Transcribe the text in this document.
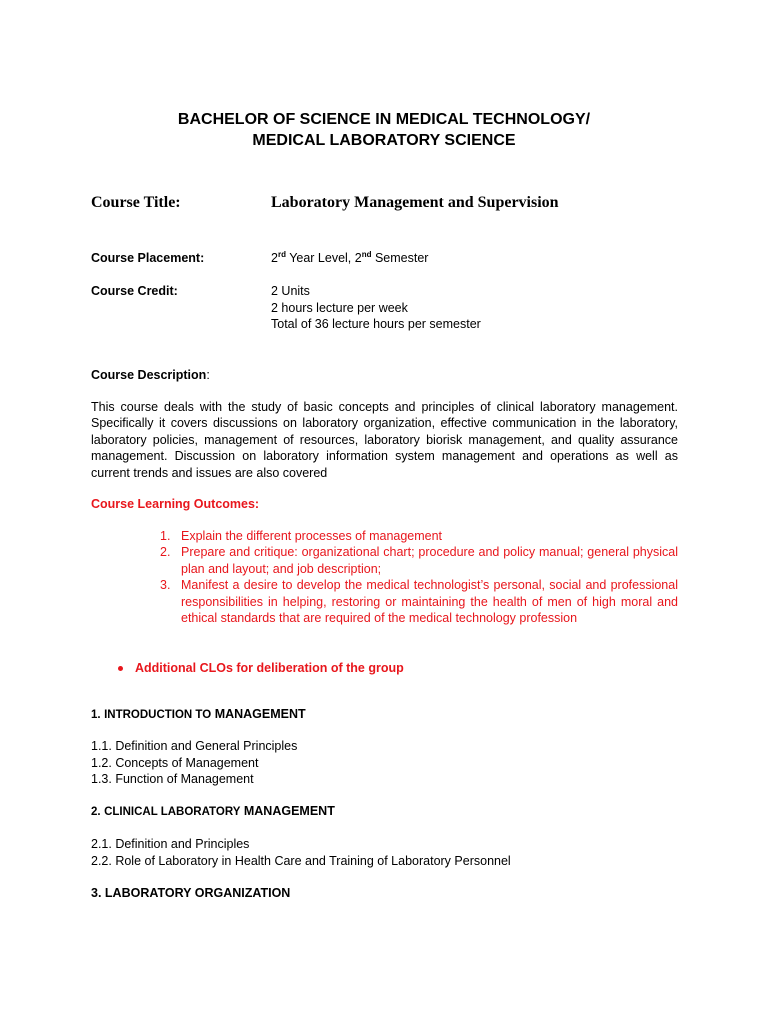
BACHELOR OF SCIENCE IN MEDICAL TECHNOLOGY/
MEDICAL LABORATORY SCIENCE
Course Title:	Laboratory Management and Supervision
Course Placement:	2rd Year Level, 2nd Semester
Course Credit:	2 Units
2 hours lecture per week
Total of 36 lecture hours per semester
Course Description:
This course deals with the study of basic concepts and principles of clinical laboratory management. Specifically it covers discussions on laboratory organization, effective communication in the laboratory, laboratory policies, management of resources, laboratory biorisk management, and quality assurance management. Discussion on laboratory information system management and operations as well as current trends and issues are also covered
Course Learning Outcomes:
1. Explain the different processes of management
2. Prepare and critique: organizational chart; procedure and policy manual; general physical plan and layout; and job description;
3. Manifest a desire to develop the medical technologist’s personal, social and professional responsibilities in helping, restoring or maintaining the health of men of high moral and ethical standards that are required of the medical technology profession
Additional CLOs for deliberation of the group
1. INTRODUCTION TO MANAGEMENT
1.1. Definition and General Principles
1.2. Concepts of Management
1.3. Function of Management
2. CLINICAL LABORATORY MANAGEMENT
2.1. Definition and Principles
2.2. Role of Laboratory in Health Care and Training of Laboratory Personnel
3. LABORATORY ORGANIZATION
